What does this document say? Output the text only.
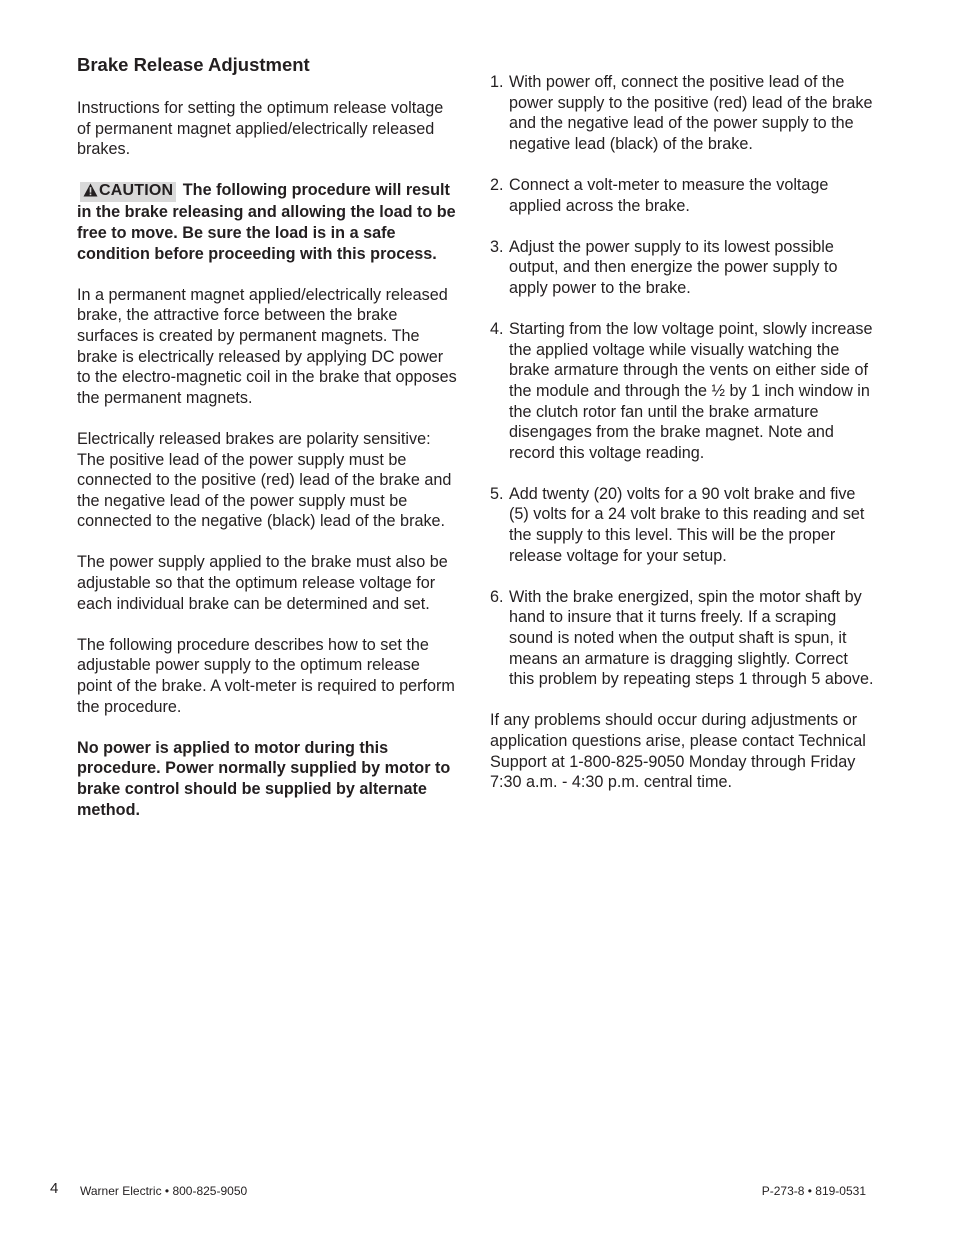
Brake Release Adjustment

Instructions for setting the optimum release voltage of permanent magnet applied/electrically released brakes.

CAUTION The following procedure will result in the brake releasing and allowing the load to be free to move. Be sure the load is in a safe condition before proceeding with this process.

In a permanent magnet applied/electrically released brake, the attractive force between the brake surfaces is created by permanent magnets. The brake is electrically released by applying DC power to the electro-magnetic coil in the brake that opposes the permanent magnets.

Electrically released brakes are polarity sensitive: The positive lead of the power supply must be connected to the positive (red) lead of the brake and the negative lead of the power supply must be connected to the negative (black) lead of the brake.

The power supply applied to the brake must also be adjustable so that the optimum release voltage for each individual brake can be determined and set.

The following procedure describes how to set the adjustable power supply to the optimum release point of the brake. A volt-meter is required to perform the procedure.

No power is applied to motor during this procedure. Power normally supplied by motor to brake control should be supplied by alternate method.

1. With power off, connect the positive lead of the power supply to the positive (red) lead of the brake and the negative lead of the power supply to the negative lead (black) of the brake.
2. Connect a volt-meter to measure the voltage applied across the brake.
3. Adjust the power supply to its lowest possible output, and then energize the power supply to apply power to the brake.
4. Starting from the low voltage point, slowly increase the applied voltage while visually watching the brake armature through the vents on either side of the module and through the ½ by 1 inch window in the clutch rotor fan until the brake armature disengages from the brake magnet. Note and record this voltage reading.
5. Add twenty (20) volts for a 90 volt brake and five (5) volts for a 24 volt brake to this reading and set the supply to this level. This will be the proper release voltage for your setup.
6. With the brake energized, spin the motor shaft by hand to insure that it turns freely. If a scraping sound is noted when the output shaft is spun, it means an armature is dragging slightly. Correct this problem by repeating steps 1 through 5 above.

If any problems should occur during adjustments or application questions arise, please contact Technical Support at 1-800-825-9050 Monday through Friday 7:30 a.m. - 4:30 p.m. central time.

4 Warner Electric • 800-825-9050	P-273-8 • 819-0531
